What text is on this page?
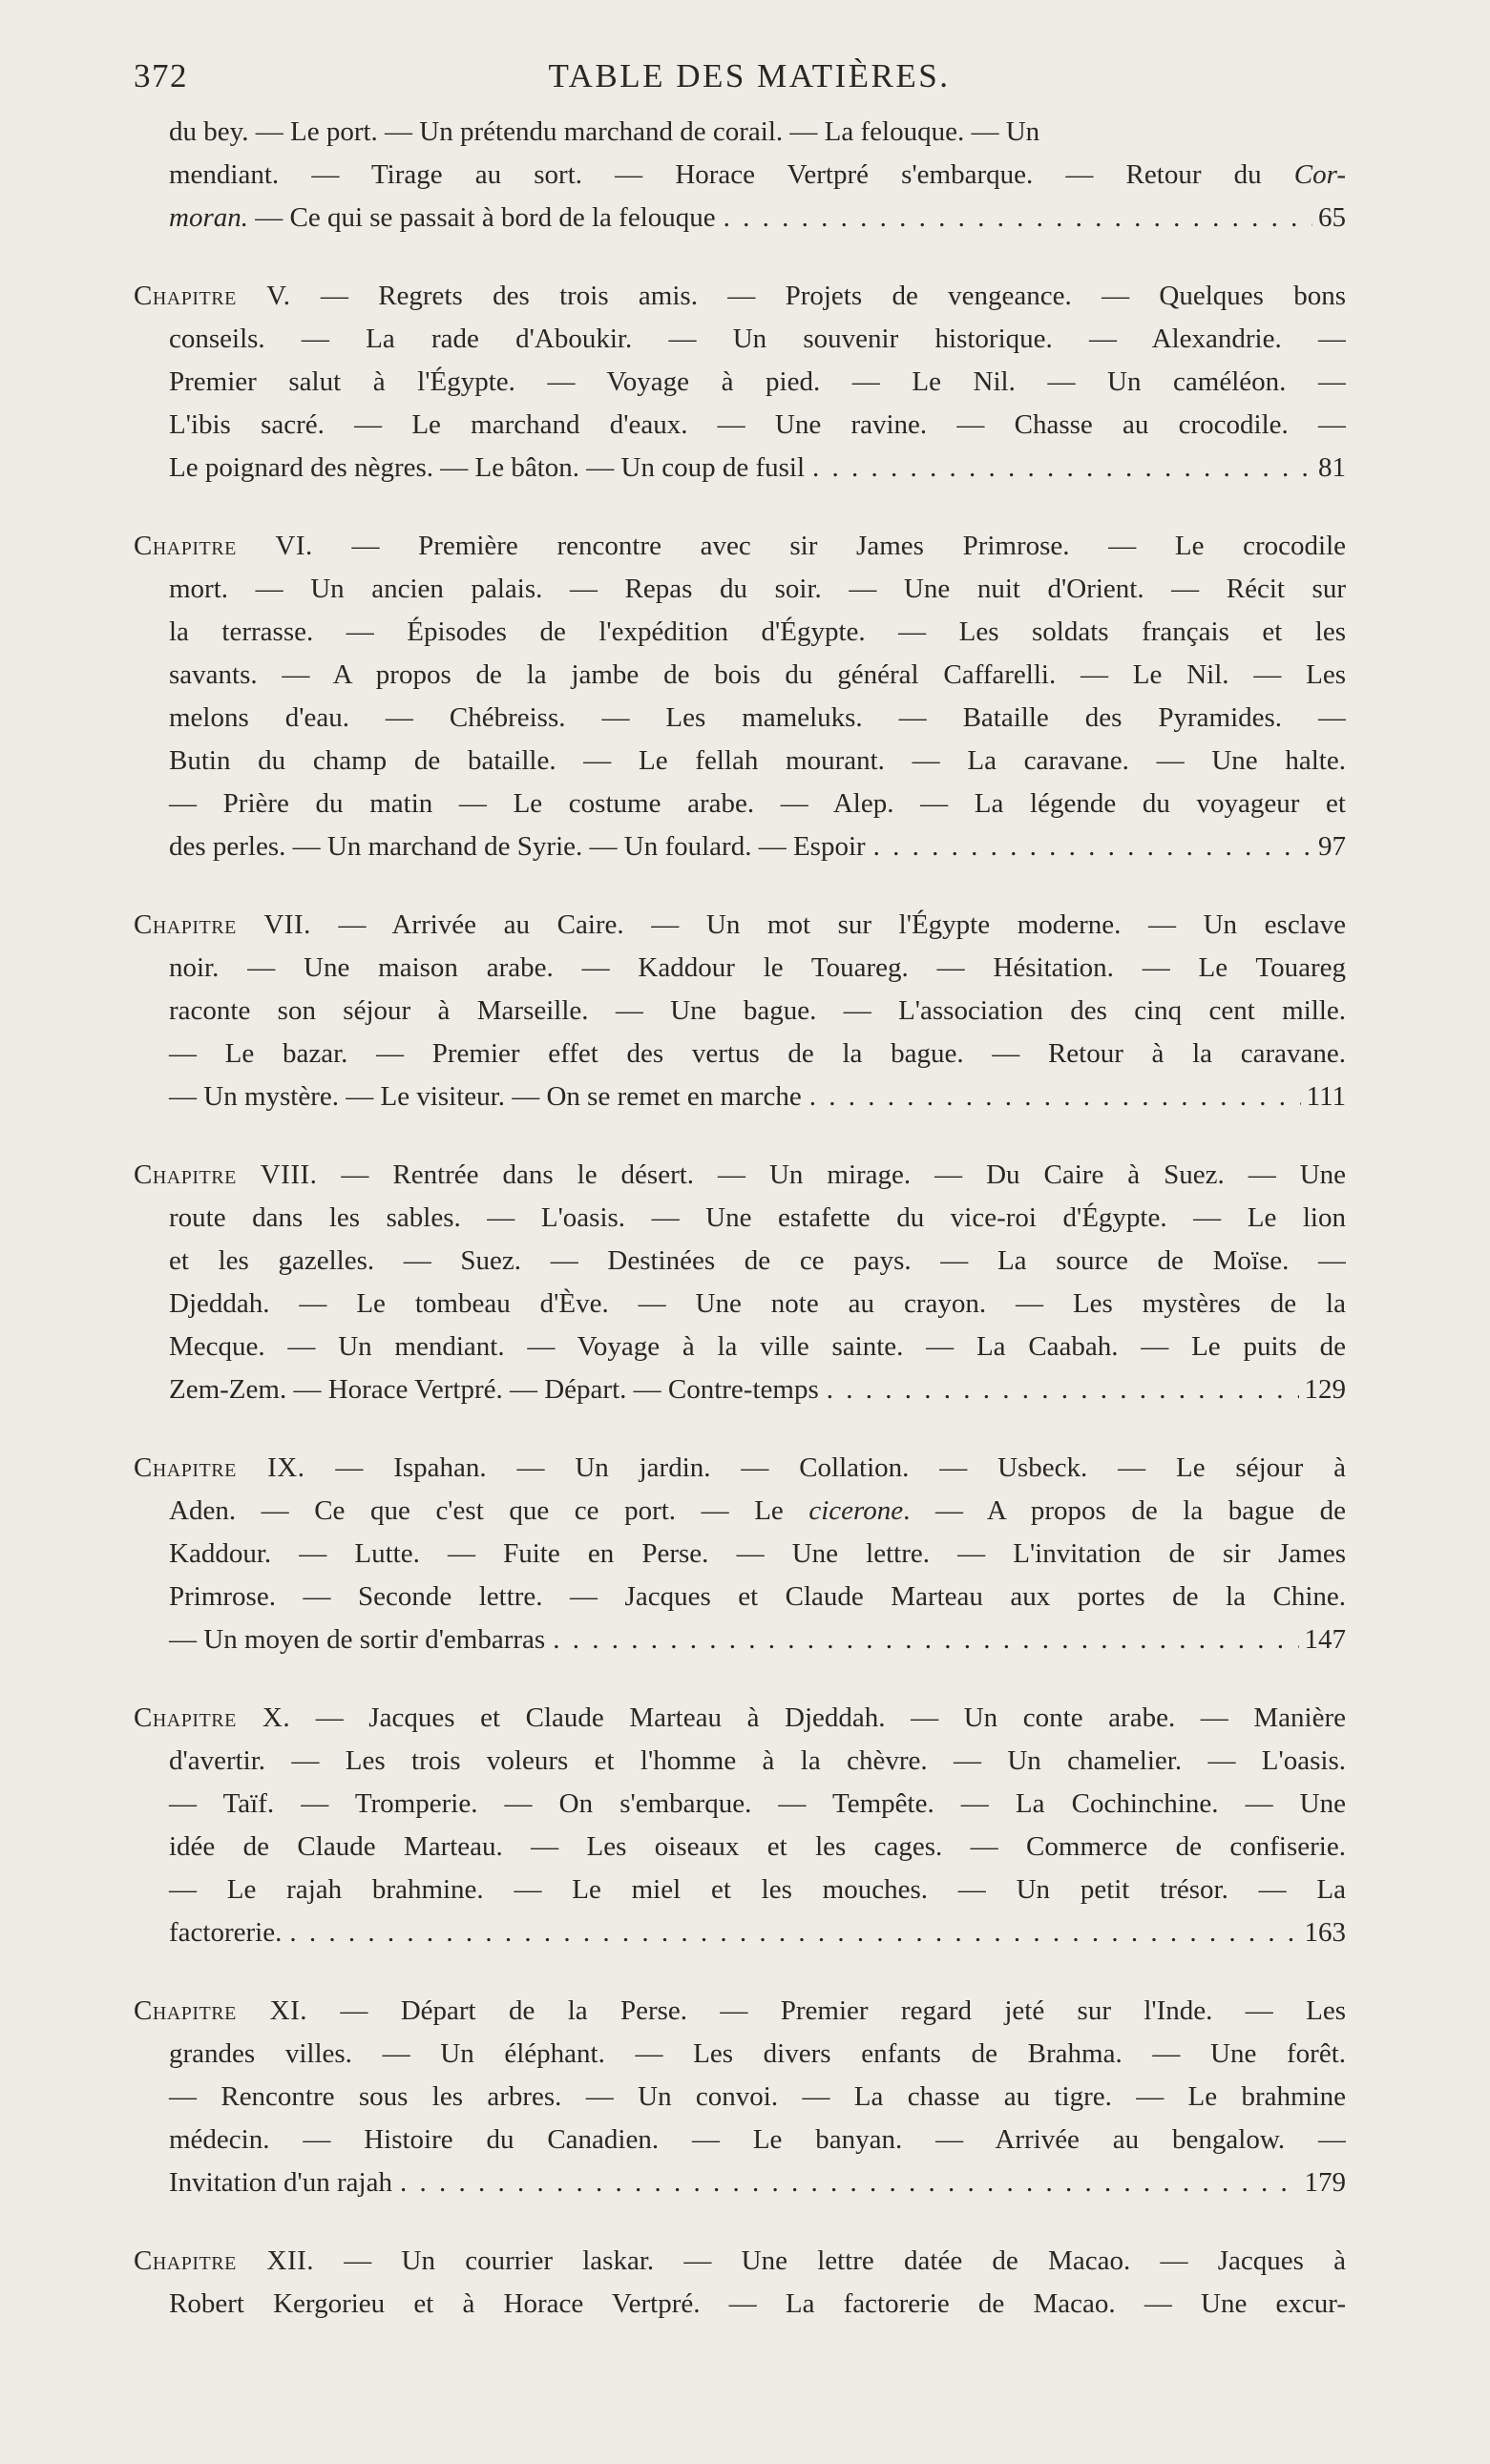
372	TABLE DES MATIÈRES.
du bey. — Le port. — Un prétendu marchand de corail. — La felouque. — Un
mendiant. — Tirage au sort. — Horace Vertpré s'embarque. — Retour du Cor-
moran. — Ce qui se passait à bord de la felouque . . .	65
Chapitre V. — Regrets des trois amis. — Projets de vengeance. — Quelques bons
conseils. — La rade d'Aboukir. — Un souvenir historique. — Alexandrie. —
Premier salut à l'Égypte. — Voyage à pied. — Le Nil. — Un caméléon. —
L'ibis sacré. — Le marchand d'eaux. — Une ravine. — Chasse au crocodile. —
Le poignard des nègres. — Le bâton. — Un coup de fusil . . .	81
Chapitre VI. — Première rencontre avec sir James Primrose. — Le crocodile
mort. — Un ancien palais. — Repas du soir. — Une nuit d'Orient. — Récit sur
la terrasse. — Épisodes de l'expédition d'Égypte. — Les soldats français et les
savants. — A propos de la jambe de bois du général Caffarelli. — Le Nil. — Les
melons d'eau. — Chébreiss. — Les mameluks. — Bataille des Pyramides. —
Butin du champ de bataille. — Le fellah mourant. — La caravane. — Une halte.
— Prière du matin — Le costume arabe. — Alep. — La légende du voyageur et
des perles. — Un marchand de Syrie. — Un foulard. — Espoir . . .	97
Chapitre VII. — Arrivée au Caire. — Un mot sur l'Égypte moderne. — Un esclave
noir. — Une maison arabe. — Kaddour le Touareg. — Hésitation. — Le Touareg
raconte son séjour à Marseille. — Une bague. — L'association des cinq cent mille.
— Le bazar. — Premier effet des vertus de la bague. — Retour à la caravane.
— Un mystère. — Le visiteur. — On se remet en marche . . .	111
Chapitre VIII. — Rentrée dans le désert. — Un mirage. — Du Caire à Suez. — Une
route dans les sables. — L'oasis. — Une estafette du vice-roi d'Égypte. — Le lion
et les gazelles. — Suez. — Destinées de ce pays. — La source de Moïse. —
Djeddah. — Le tombeau d'Ève. — Une note au crayon. — Les mystères de la
Mecque. — Un mendiant. — Voyage à la ville sainte. — La Caabah. — Le puits de
Zem-Zem. — Horace Vertpré. — Départ. — Contre-temps . . .	129
Chapitre IX. — Ispahan. — Un jardin. — Collation. — Usbeck. — Le séjour à
Aden. — Ce que c'est que ce port. — Le cicerone. — A propos de la bague de
Kaddour. — Lutte. — Fuite en Perse. — Une lettre. — L'invitation de sir James
Primrose. — Seconde lettre. — Jacques et Claude Marteau aux portes de la Chine.
— Un moyen de sortir d'embarras . . .	147
Chapitre X. — Jacques et Claude Marteau à Djeddah. — Un conte arabe. — Manière
d'avertir. — Les trois voleurs et l'homme à la chèvre. — Un chamelier. — L'oasis.
— Taïf. — Tromperie. — On s'embarque. — Tempête. — La Cochinchine. — Une
idée de Claude Marteau. — Les oiseaux et les cages. — Commerce de confiserie.
— Le rajah brahmine. — Le miel et les mouches. — Un petit trésor. — La
factorerie. . . .	163
Chapitre XI. — Départ de la Perse. — Premier regard jeté sur l'Inde. — Les
grandes villes. — Un éléphant. — Les divers enfants de Brahma. — Une forêt.
— Rencontre sous les arbres. — Un convoi. — La chasse au tigre. — Le brahmine
médecin. — Histoire du Canadien. — Le banyan. — Arrivée au bengalow. —
Invitation d'un rajah . . .	179
Chapitre XII. — Un courrier laskar. — Une lettre datée de Macao. — Jacques à
Robert Kergorieu et à Horace Vertpré. — La factorerie de Macao. — Une excur-
